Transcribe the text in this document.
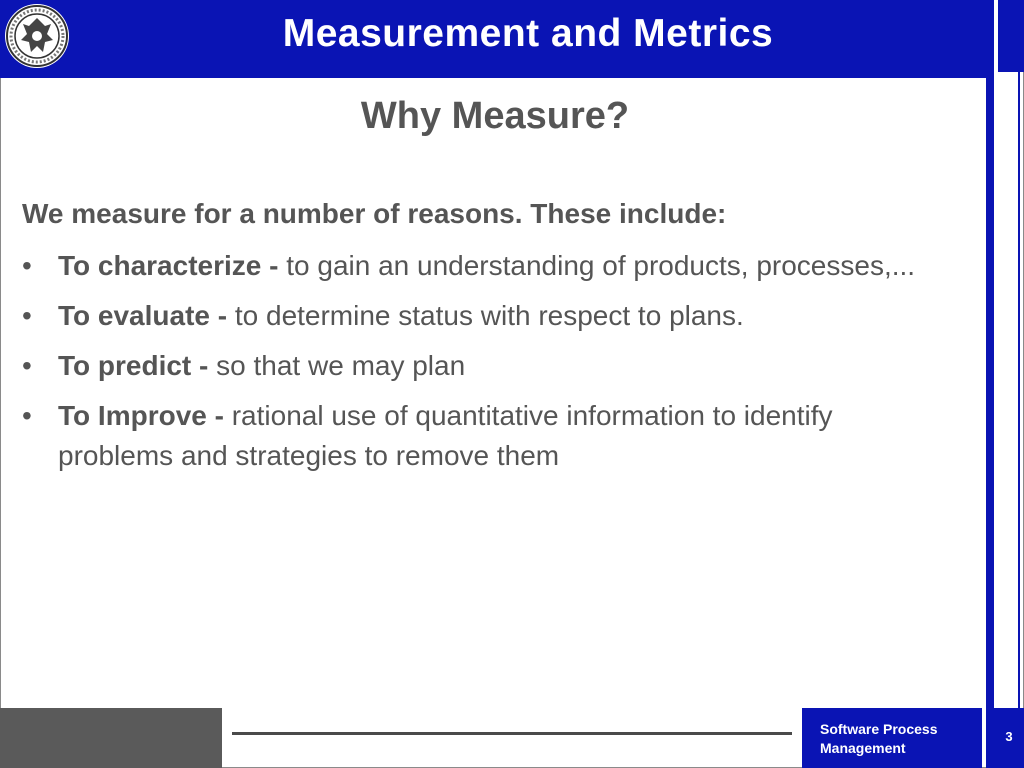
Measurement and Metrics
Why Measure?
We measure for a number of reasons. These include:
• To characterize - to gain an understanding of products, processes,...
• To evaluate - to determine status with respect to plans.
• To predict - so that we may plan
• To Improve - rational use of quantitative information to identify problems and strategies to remove them
Software Process
Management
3
